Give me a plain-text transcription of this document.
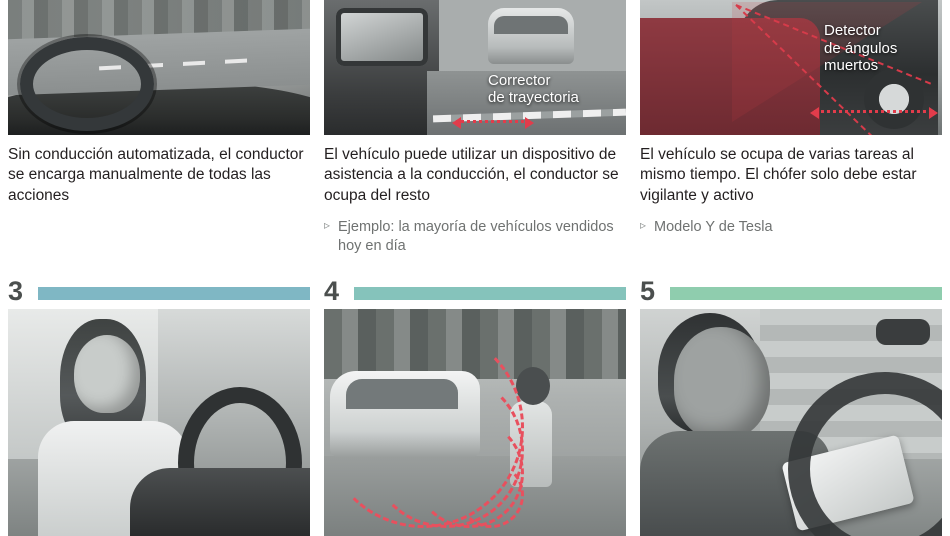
Sin conducción automatizada, el conductor se encarga manualmente de todas las acciones
Corrector
de trayectoria
El vehículo puede utilizar un dispositivo de asistencia a la conducción, el conductor se ocupa del resto
▹ Ejemplo: la mayoría de vehículos vendidos hoy en día
Detector
de ángulos
muertos
El vehículo se ocupa de varias tareas al mismo tiempo. El chófer solo debe estar vigilante y activo
▹ Modelo Y de Tesla
3	4	5
